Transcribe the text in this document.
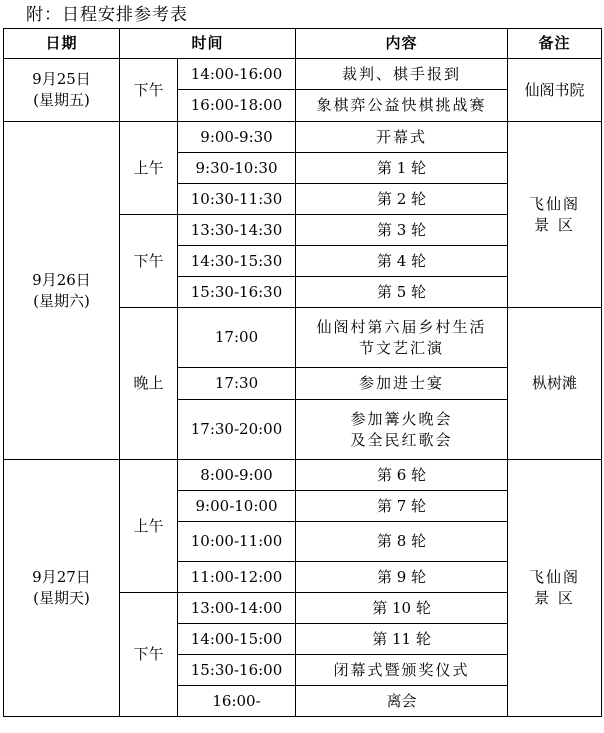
附：日程安排参考表
日期	时间		内容	备注
9月25日
(星期五)	下午	14:00-16:00	裁判、棋手报到	仙阁书院
		16:00-18:00	象棋弈公益快棋挑战赛	
9月26日
(星期六)	上午	9:00-9:30	开幕式	飞仙阁
景 区
		9:30-10:30	第 1 轮	
		10:30-11:30	第 2 轮	
	下午	13:30-14:30	第 3 轮	
		14:30-15:30	第 4 轮	
		15:30-16:30	第 5 轮	
	晚上	17:00	仙阁村第六届乡村生活
节文艺汇演	枞树滩
		17:30	参加进士宴	
		17:30-20:00	参加篝火晚会
及全民红歌会	
9月27日
(星期天)	上午	8:00-9:00	第 6 轮	飞仙阁
景 区
		9:00-10:00	第 7 轮	
		10:00-11:00	第 8 轮	
		11:00-12:00	第 9 轮	
	下午	13:00-14:00	第 10 轮	
		14:00-15:00	第 11 轮	
		15:30-16:00	闭幕式暨颁奖仪式	
		16:00-	离会	
